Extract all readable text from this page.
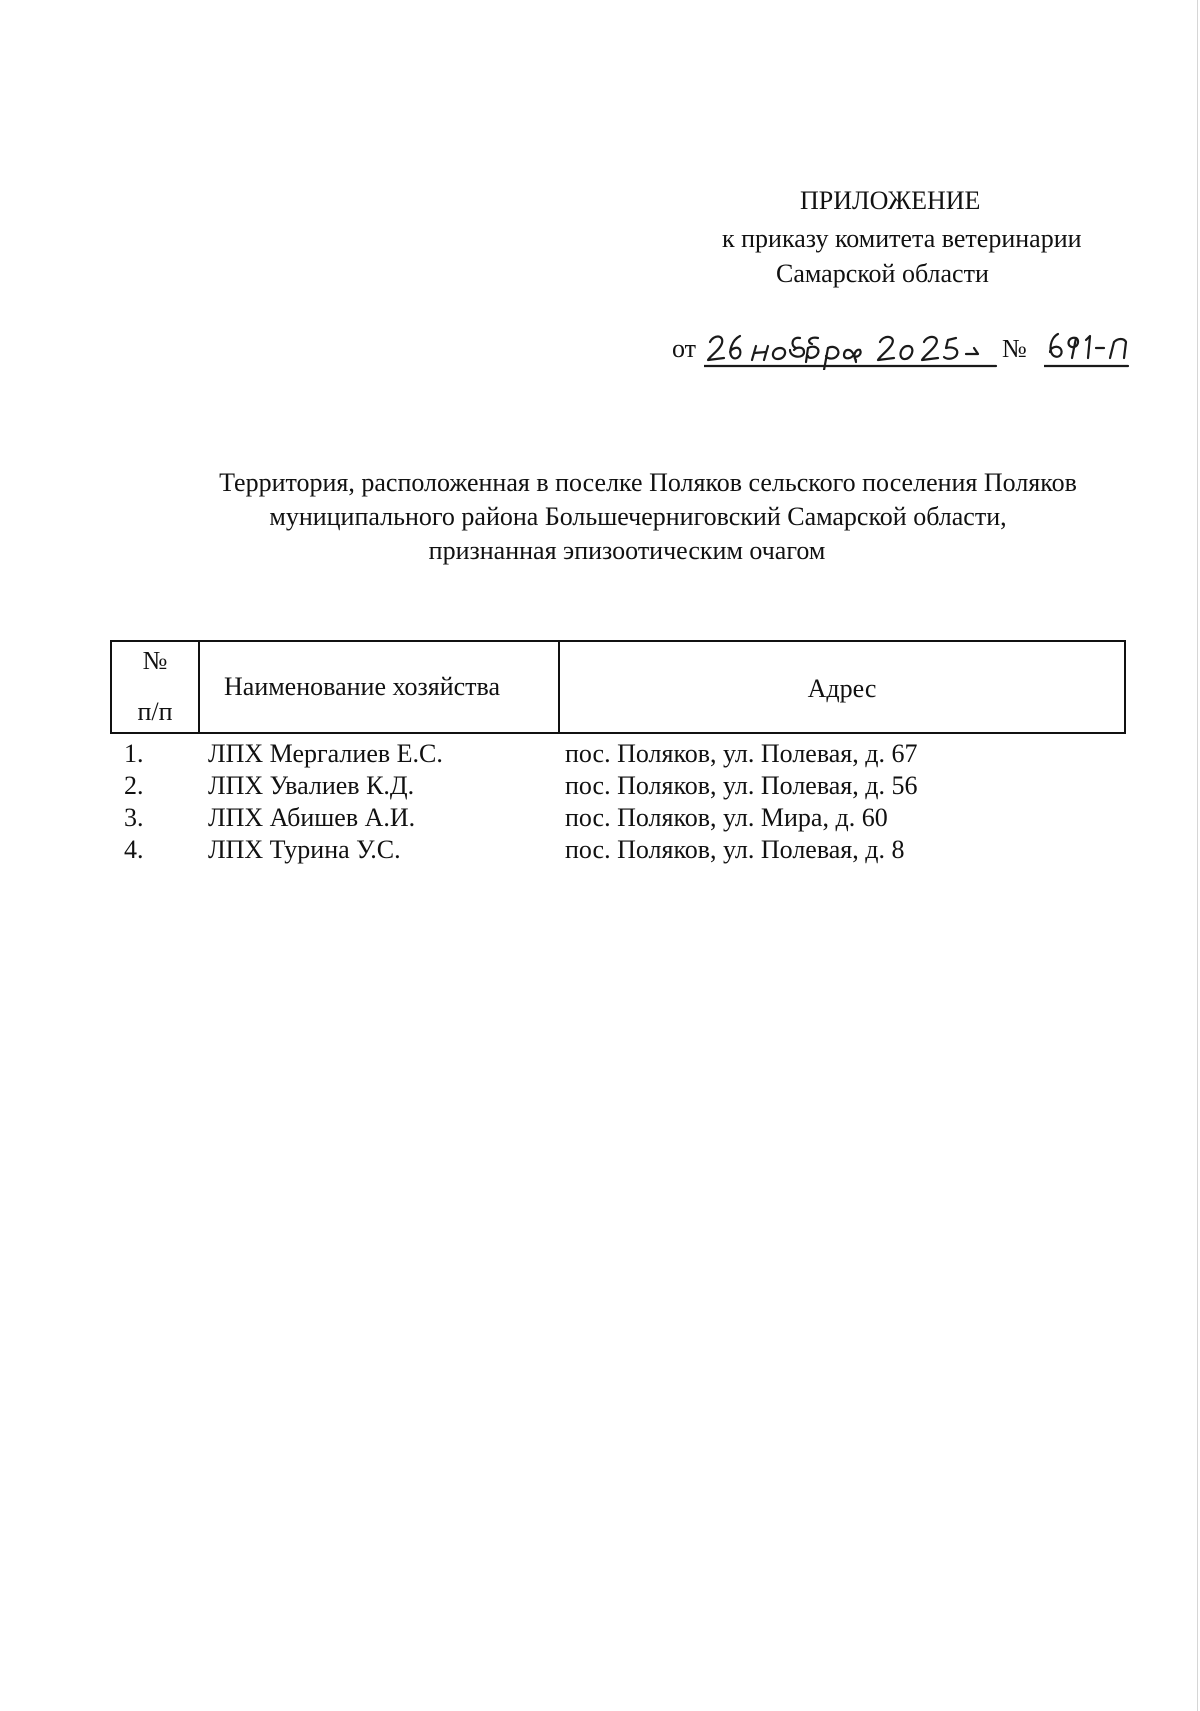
ПРИЛОЖЕНИЕ
к приказу комитета ветеринарии
Самарской области
от	№
Территория, расположенная в поселке Поляков сельского поселения Поляков
муниципального района Большечерниговский Самарской области,
признанная эпизоотическим очагом
№
п/п
Наименование хозяйства	Адрес
1. ЛПХ Мергалиев Е.С.	пос. Поляков, ул. Полевая, д. 67
2. ЛПХ Увалиев К.Д.	пос. Поляков, ул. Полевая, д. 56
3. ЛПХ Абишев А.И.	пос. Поляков, ул. Мира, д. 60
4. ЛПХ Турина У.С.	пос. Поляков, ул. Полевая, д. 8
